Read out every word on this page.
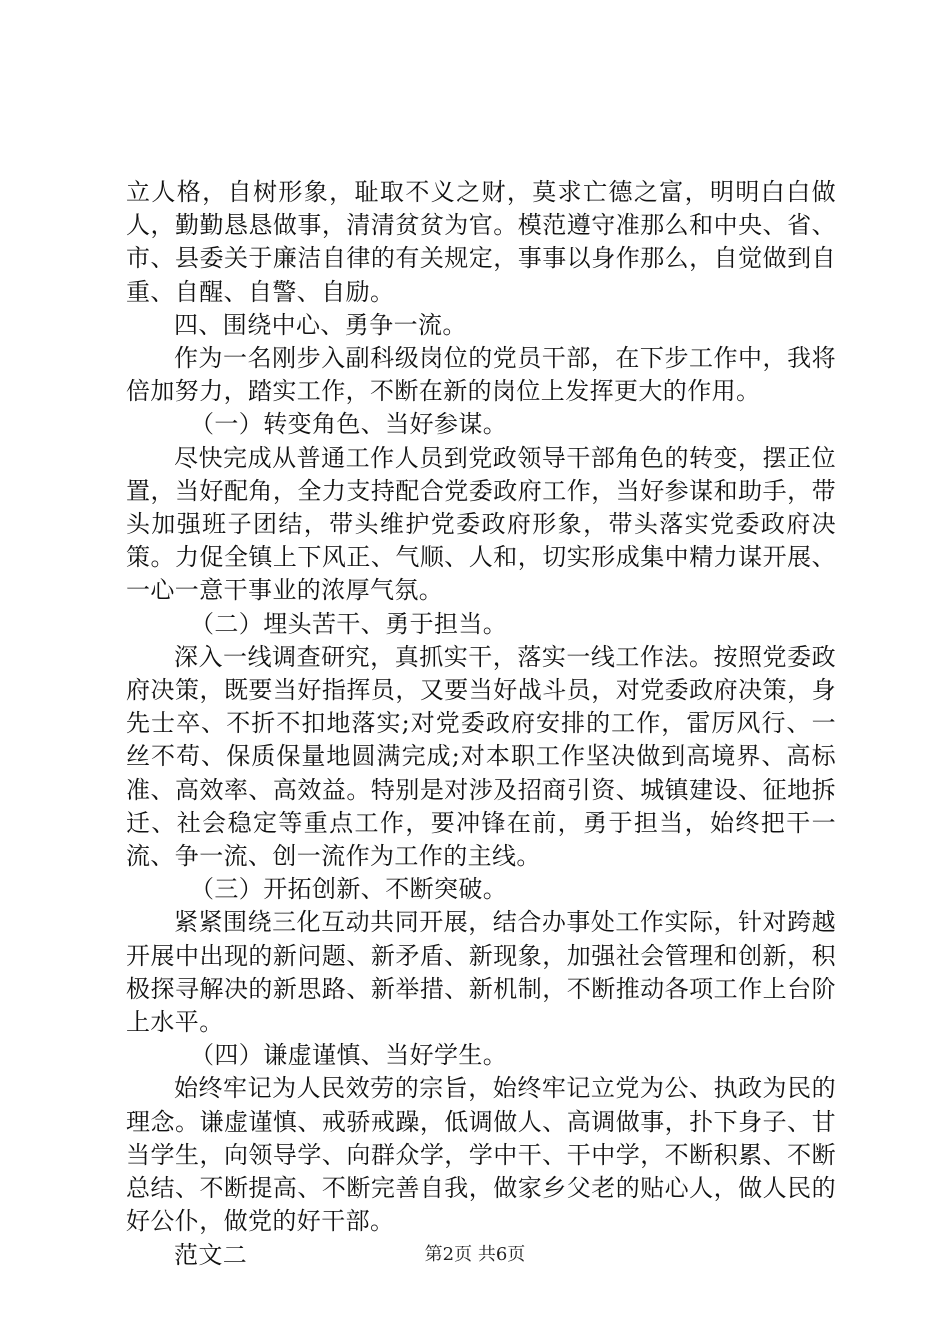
立人格，自树形象，耻取不义之财，莫求亡德之富，明明白白做人，勤勤恳恳做事，清清贫贫为官。模范遵守准那么和中央、省、市、县委关于廉洁自律的有关规定，事事以身作那么，自觉做到自重、自醒、自警、自励。

四、围绕中心、勇争一流。

作为一名刚步入副科级岗位的党员干部，在下步工作中，我将倍加努力，踏实工作，不断在新的岗位上发挥更大的作用。

（一）转变角色、当好参谋。

尽快完成从普通工作人员到党政领导干部角色的转变，摆正位置，当好配角，全力支持配合党委政府工作，当好参谋和助手，带头加强班子团结，带头维护党委政府形象，带头落实党委政府决策。力促全镇上下风正、气顺、人和，切实形成集中精力谋开展、一心一意干事业的浓厚气氛。

（二）埋头苦干、勇于担当。

深入一线调查研究，真抓实干，落实一线工作法。按照党委政府决策，既要当好指挥员，又要当好战斗员，对党委政府决策，身先士卒、不折不扣地落实;对党委政府安排的工作，雷厉风行、一丝不苟、保质保量地圆满完成;对本职工作坚决做到高境界、高标准、高效率、高效益。特别是对涉及招商引资、城镇建设、征地拆迁、社会稳定等重点工作，要冲锋在前，勇于担当，始终把干一流、争一流、创一流作为工作的主线。

（三）开拓创新、不断突破。

紧紧围绕三化互动共同开展，结合办事处工作实际，针对跨越开展中出现的新问题、新矛盾、新现象，加强社会管理和创新，积极探寻解决的新思路、新举措、新机制，不断推动各项工作上台阶上水平。

（四）谦虚谨慎、当好学生。

始终牢记为人民效劳的宗旨，始终牢记立党为公、执政为民的理念。谦虚谨慎、戒骄戒躁，低调做人、高调做事，扑下身子、甘当学生，向领导学、向群众学，学中干、干中学，不断积累、不断总结、不断提高、不断完善自我，做家乡父老的贴心人，做人民的好公仆，做党的好干部。

范文二	第2页 共6页
